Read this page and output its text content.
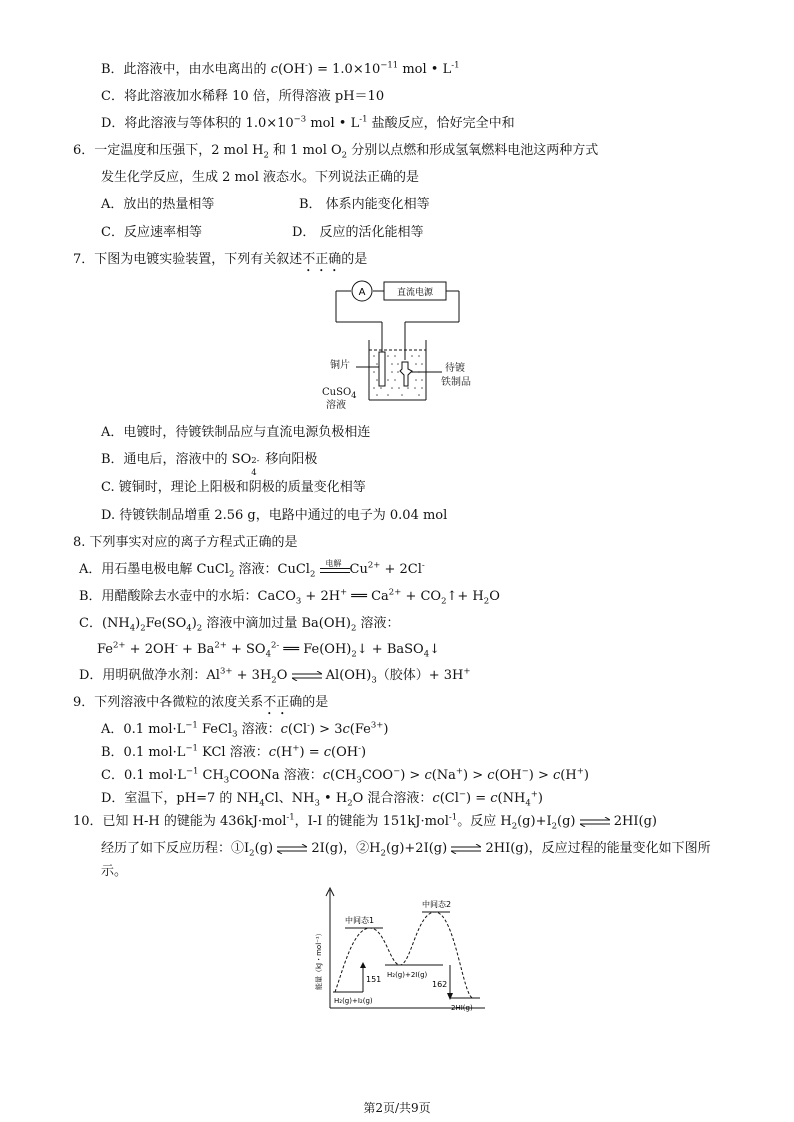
B．此溶液中，由水电离出的 $c(OH^-) = 1.0\times 10^{-11}$ mol • $L^{-1}$
C．将此溶液加水稀释 10 倍，所得溶液 pH＝10
D．将此溶液与等体积的 $1.0\times 10^{-3}$ mol • $L^{-1}$ 盐酸反应，恰好完全中和
6．一定温度和压强下，2 mol $H_2$ 和 1 mol $O_2$ 分别以点燃和形成氢氧燃料电池这两种方式
发生化学反应，生成 2 mol 液态水。下列说法正确的是
A．放出的热量相等	B． 体系内能变化相等
C．反应速率相等	D． 反应的活化能相等
7．下图为电镀实验装置，下列有关叙述不正确的是
A	直流电源
铜片
CuSO$_4$
溶液
待镀
铁制品
A．电镀时，待镀铁制品应与直流电源负极相连
B．通电后，溶液中的 SO
4
2- 移向阳极
C. 镀铜时，理论上阳极和阴极的质量变化相等
D. 待镀铁制品增重 2.56 g，电路中通过的电子为 0.04 mol
8. 下列事实对应的离子方程式正确的是
A．用石墨电极电解 CuCl$_2$ 溶液：CuCl$_2$
电解 $Cu^{2+} + 2Cl^-$
B．用醋酸除去水壶中的水垢：CaCO$_3$ + 2H+ ══ $Ca^{2+}$ + $CO_2↑+ H_2O$
C．$(NH_4)_2Fe(SO_4)_2$ 溶液中滴加过量 $Ba(OH)_2$ 溶液：
$Fe^{2+} + 2OH^- + Ba^{2+} + SO_4^{2-}$ ══ $Fe(OH)_2↓$ + BaSO$_4$↓
D．用明矾做净水剂：$Al^{3+} + 3H_2O$ ⇌ $Al(OH)_3$（胶体）+ 3H+
9．下列溶液中各微粒的浓度关系不正确的是
A．0.1 $mol\cdot L^{-1}$ FeCl$_3$ 溶液：$c(Cl^-) > 3c(Fe^{3+})$
B．0.1 $mol\cdot L^{-1}$ KCl 溶液：c(H+) = c(OH-)
C．0.1 $mol\cdot L^{-1}$ $CH_3COONa$ 溶液：$c(CH_3COO^-) > c(Na^+) > c(OH^-) > c(H^+)$
D．室温下，pH=7 的 $NH_4Cl$、$NH_3$ • $H_2O$ 混合溶液：$c(Cl^-) = c(NH_4^+)$
10．已知 H-H 的键能为 436kJ·mol$^{-1}$，I-I 的键能为 151kJ·mol$^{-1}$。反应 $H_2(g)+I_2(g)$ ⇌ 2HI(g)
经历了如下反应历程：$①I_2(g)$ ⇌ 2I(g)，$②H_2(g)+2I(g)$ ⇌ 2HI(g)，反应过程的能量变化如下图所
示。
中间态1
中间态2
151
162
H₂(g)+2I(g)
H₂(g)+I₂(g)
2HI(g)
能量（kJ・mol⁻¹）
第2页/共9页
